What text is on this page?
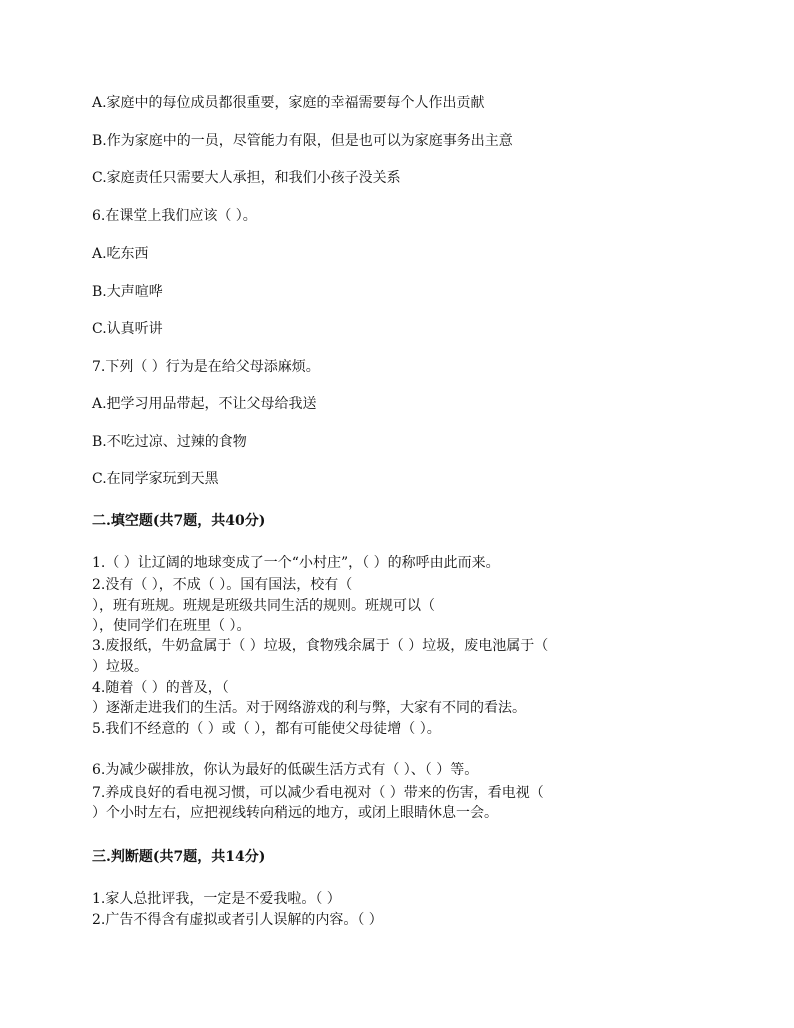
A.家庭中的每位成员都很重要，家庭的幸福需要每个人作出贡献
B.作为家庭中的一员，尽管能力有限，但是也可以为家庭事务出主意
C.家庭责任只需要大人承担，和我们小孩子没关系
6.在课堂上我们应该（ ）。
A.吃东西
B.大声喧哗
C.认真听讲
7.下列（ ）行为是在给父母添麻烦。
A.把学习用品带起，不让父母给我送
B.不吃过凉、过辣的食物
C.在同学家玩到天黑
二.填空题(共7题，共40分)
1.（ ）让辽阔的地球变成了一个“小村庄”，（ ）的称呼由此而来。
2.没有（ ），不成（ ）。国有国法，校有（
），班有班规。班规是班级共同生活的规则。班规可以（
），使同学们在班里（ ）。
3.废报纸，牛奶盒属于（ ）垃圾，食物残余属于（ ）垃圾，废电池属于（
）垃圾。
4.随着（ ）的普及，（
）逐渐走进我们的生活。对于网络游戏的利与弊，大家有不同的看法。
5.我们不经意的（ ）或（ ），都有可能使父母徒增（ ）。
6.为减少碳排放，你认为最好的低碳生活方式有（ ）、（ ）等。
7.养成良好的看电视习惯，可以减少看电视对（ ）带来的伤害，看电视（
）个小时左右，应把视线转向稍远的地方，或闭上眼睛休息一会。
三.判断题(共7题，共14分)
1.家人总批评我，一定是不爱我啦。（ ）
2.广告不得含有虚拟或者引人误解的内容。（ ）
